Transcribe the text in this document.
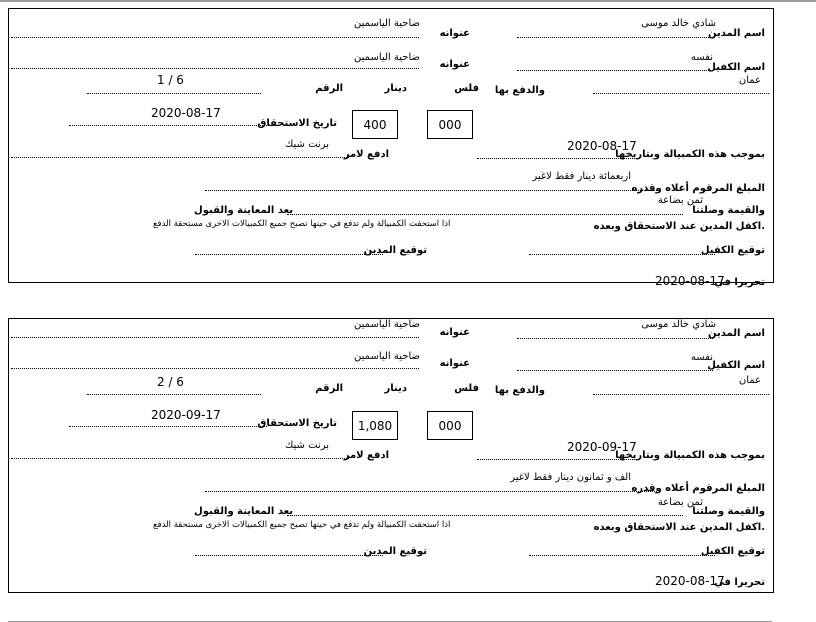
اسم المدين
شادي خالد موسى
عنوانه
ضاحية الياسمين
اسم الكفيل
نفسه
عنوانه
ضاحية الياسمين
عمان
والدفع بها
فلس
دينار
الرقم
1 / 6
000
400
تاريخ الاستحقاق
2020-08-17
بموجب هذه الكمبيالة وبتاريخها
2020-08-17
ادفع لامر
برنت شيك
اربعمائة دينار فقط لاغير
المبلغ المرقوم أعلاه وقدره
ثمن بضاعة
والقيمة وصلتنا
بعد المعاينة والقبول
اكفل المدين عند الاستحقاق وبعده.
اذا استحقت الكمبيالة ولم تدفع في حينها تصبح جميع الكمبيالات الاخرى مستحقة الدفع
توقيع الكفيل
توقيع المدين
تحريرا في
2020-08-17
اسم المدين
شادي خالد موسى
عنوانه
ضاحية الياسمين
اسم الكفيل
نفسه
عنوانه
ضاحية الياسمين
عمان
والدفع بها
فلس
دينار
الرقم
2 / 6
000
1,080
تاريخ الاستحقاق
2020-09-17
بموجب هذه الكمبيالة وبتاريخها
2020-09-17
ادفع لامر
برنت شيك
الف و ثمانون دينار فقط لاغير
المبلغ المرقوم أعلاه وقدره
ثمن بضاعة
والقيمة وصلتنا
بعد المعاينة والقبول
اكفل المدين عند الاستحقاق وبعده.
اذا استحقت الكمبيالة ولم تدفع في حينها تصبح جميع الكمبيالات الاخرى مستحقة الدفع
توقيع الكفيل
توقيع المدين
تحريرا في
2020-08-17
